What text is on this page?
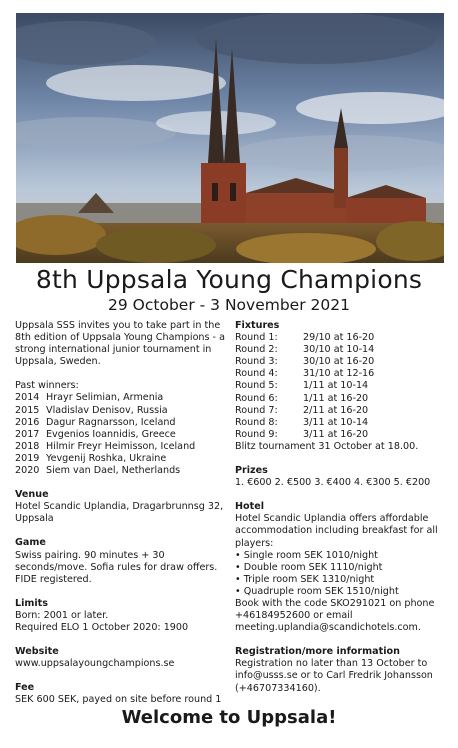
8th Uppsala Young Champions
29 October - 3 November 2021
Uppsala SSS invites you to take part in the 8th edition of Uppsala Young Champions - a strong international junior tournament in Uppsala, Sweden.
Past winners:
2014 Hrayr Selimian, Armenia
2015 Vladislav Denisov, Russia
2016 Dagur Ragnarsson, Iceland
2017 Evgenios Ioannidis, Greece
2018 Hilmir Freyr Heimisson, Iceland
2019 Yevgenij Roshka, Ukraine
2020 Siem van Dael, Netherlands
Venue
Hotel Scandic Uplandia, Dragarbrunnsg 32, Uppsala
Game
Swiss pairing. 90 minutes + 30 seconds/move. Sofia rules for draw offers. FIDE registered.
Limits
Born: 2001 or later.
Required ELO 1 October 2020: 1900
Website
www.uppsalayoungchampions.se
Fee
SEK 600 SEK, payed on site before round 1
Fixtures
Round 1:	29/10 at 16-20
Round 2:	30/10 at 10-14
Round 3:	30/10 at 16-20
Round 4:	31/10 at 12-16
Round 5:	1/11 at 10-14
Round 6:	1/11 at 16-20
Round 7:	2/11 at 16-20
Round 8:	3/11 at 10-14
Round 9:	3/11 at 16-20
Blitz tournament 31 October at 18.00.
Prizes
1. €600 2. €500 3. €400 4. €300 5. €200
Hotel
Hotel Scandic Uplandia offers affordable accommodation including breakfast for all players:
• Single room SEK 1010/night
• Double room SEK 1110/night
• Triple room SEK 1310/night
• Quadruple room SEK 1510/night
Book with the code SKO291021 on phone +46184952600 or email meeting.uplandia@scandichotels.com.
Registration/more information
Registration no later than 13 October to info@usss.se or to Carl Fredrik Johansson (+46707334160).
Welcome to Uppsala!
